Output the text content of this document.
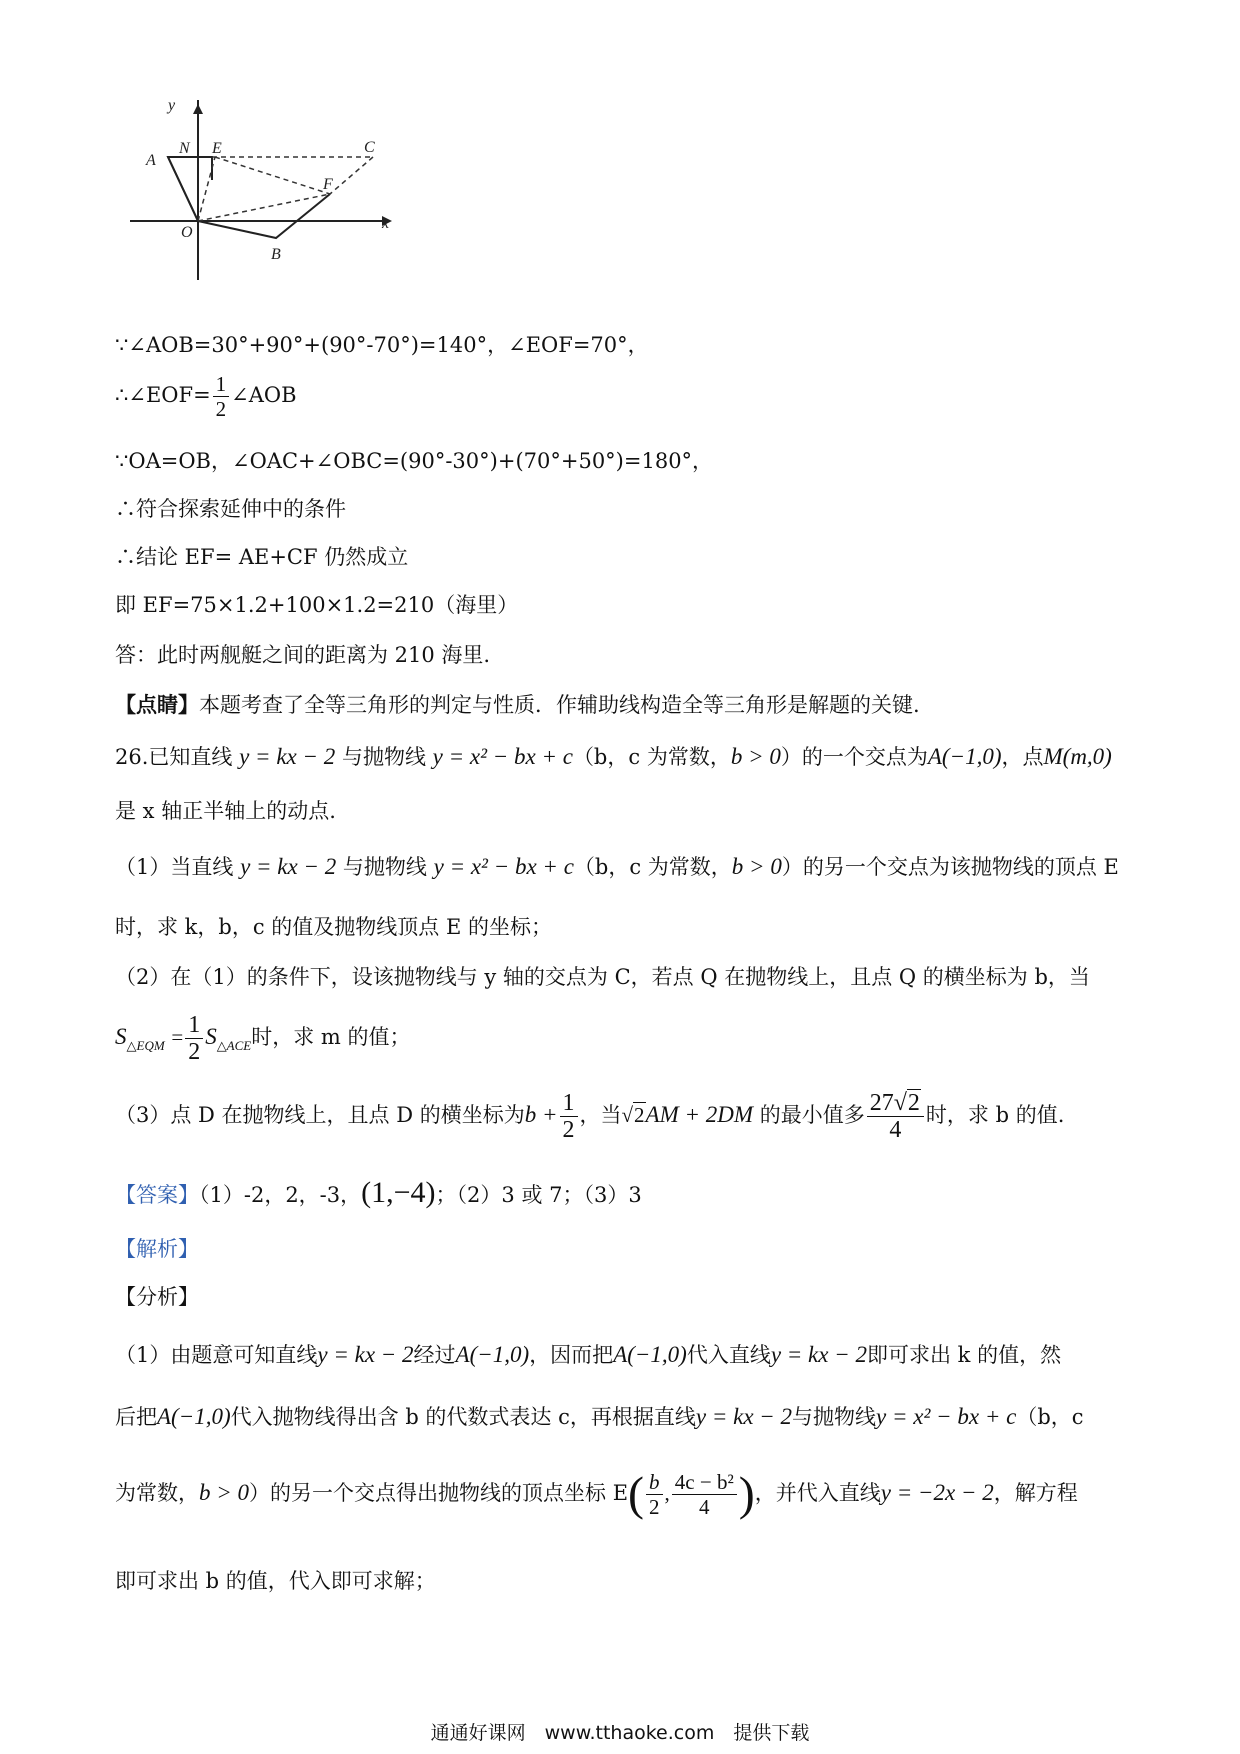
y
N E	C
A
F
O
B
x
∵∠AOB=30°+90°+(90°-70°)=140°，∠EOF=70°，
∴∠EOF= $\frac{1}{2}$ ∠AOB
∵OA=OB，∠OAC+∠OBC=(90°-30°)+(70°+50°)=180°，
∴符合探索延伸中的条件
∴结论 EF= AE+CF 仍然成立
即 EF=75×1.2+100×1.2=210（海里）
答：此时两舰艇之间的距离为 210 海里.
【点睛】本题考查了全等三角形的判定与性质．作辅助线构造全等三角形是解题的关键.
26.已知直线 y = kx − 2 与抛物线 y = x² − bx + c（b，c 为常数，b > 0）的一个交点为A(−1,0)，点M(m,0)
是 x 轴正半轴上的动点.
（1）当直线 y = kx − 2 与抛物线 y = x² − bx + c（b，c 为常数，b > 0）的另一个交点为该抛物线的顶点 E
时，求 k，b，c 的值及抛物线顶点 E 的坐标；
（2）在（1）的条件下，设该抛物线与 y 轴的交点为 C，若点 Q 在抛物线上，且点 Q 的横坐标为 b，当
$S_{\triangle EQM} = \frac{1}{2} S_{\triangle ACE}$时，求 m 的值；
（3）点 D 在抛物线上，且点 D 的横坐标为$b + \frac{1}{2}$ ，当√2AM + 2DM 的最小值多 $\frac{27√2}{4}$ 时，求 b 的值.
【答案】（1）-2，2，-3，(1,−4)；（2）3 或 7；（3）3
【解析】
【分析】
（1）由题意可知直线y = kx − 2经过A(−1,0)，因而把A(−1,0)代入直线y = kx − 2即可求出 k 的值，然
后把A(−1,0)代入抛物线得出含 b 的代数式表达 c，再根据直线y = kx − 2与抛物线y = x² − bx + c（b，c
为常数，b > 0）的另一个交点得出抛物线的顶点坐标 $E( \frac{b}{2}$ , $\frac{\text{4c − b²}}{4}$ )，并代入直线y = −2x − 2，解方程
即可求出 b 的值，代入即可求解；
通通好课网　www.tthaoke.com　提供下载
